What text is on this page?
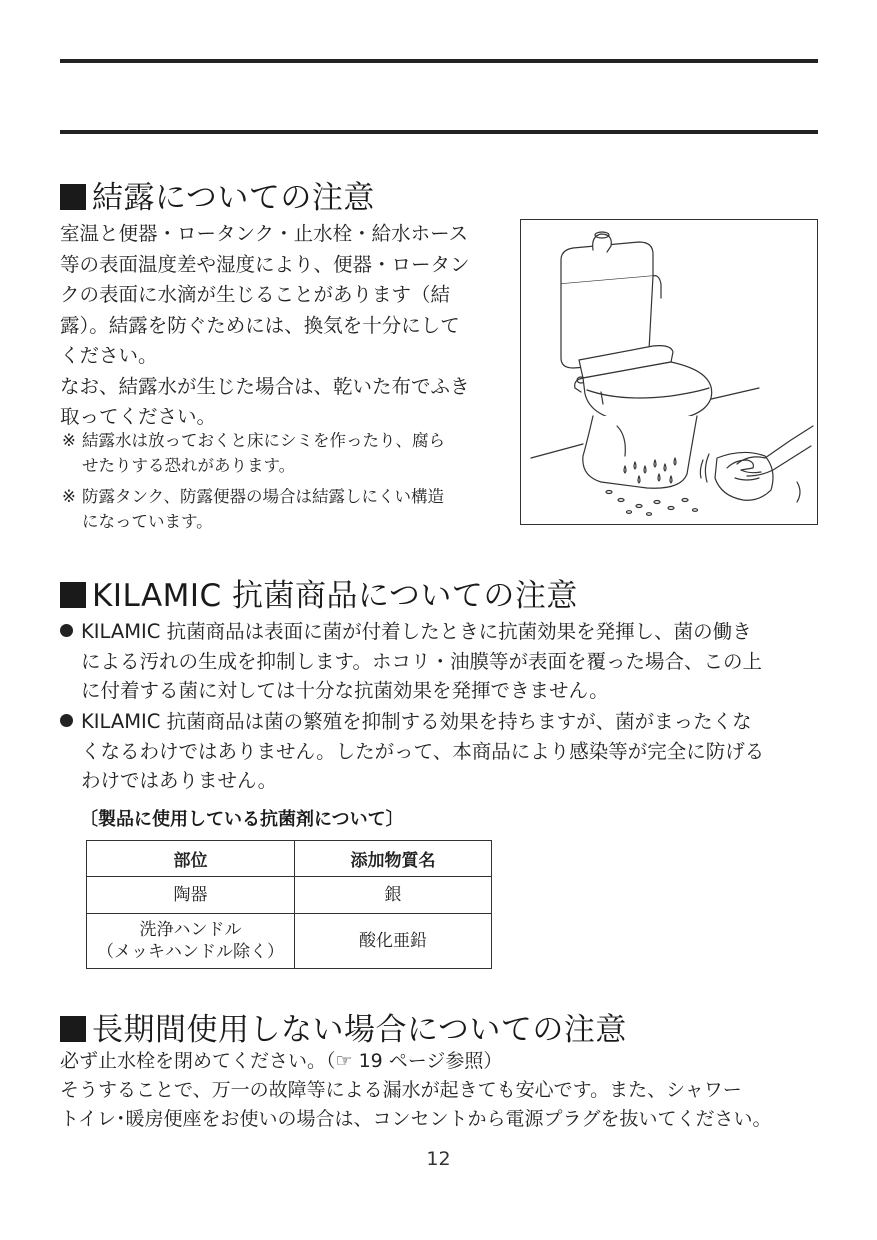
結露についての注意
室温と便器・ロータンク・止水栓・給水ホース
等の表面温度差や湿度により、便器・ロータン
クの表面に水滴が生じることがあります（結
露）。結露を防ぐためには、換気を十分にして
ください。
なお、結露水が生じた場合は、乾いた布でふき
取ってください。
※ 結露水は放っておくと床にシミを作ったり、腐ら
せたりする恐れがあります。
※ 防露タンク、防露便器の場合は結露しにくい構造
になっています。
KILAMIC 抗菌商品についての注意
KILAMIC 抗菌商品は表面に菌が付着したときに抗菌効果を発揮し、菌の働き
による汚れの生成を抑制します。ホコリ・油膜等が表面を覆った場合、この上
に付着する菌に対しては十分な抗菌効果を発揮できません。
KILAMIC 抗菌商品は菌の繁殖を抑制する効果を持ちますが、菌がまったくな
くなるわけではありません。したがって、本商品により感染等が完全に防げる
わけではありません。
〔製品に使用している抗菌剤について〕
部位	添加物質名
陶器	銀

洗浄ハンドル
（メッキハンドル除く）	酸化亜鉛
長期間使用しない場合についての注意
必ず止水栓を閉めてください。（☞ 19 ページ参照）
そうすることで、万一の故障等による漏水が起きても安心です。また、シャワー
トイレ･暖房便座をお使いの場合は、コンセントから電源プラグを抜いてください。
12
